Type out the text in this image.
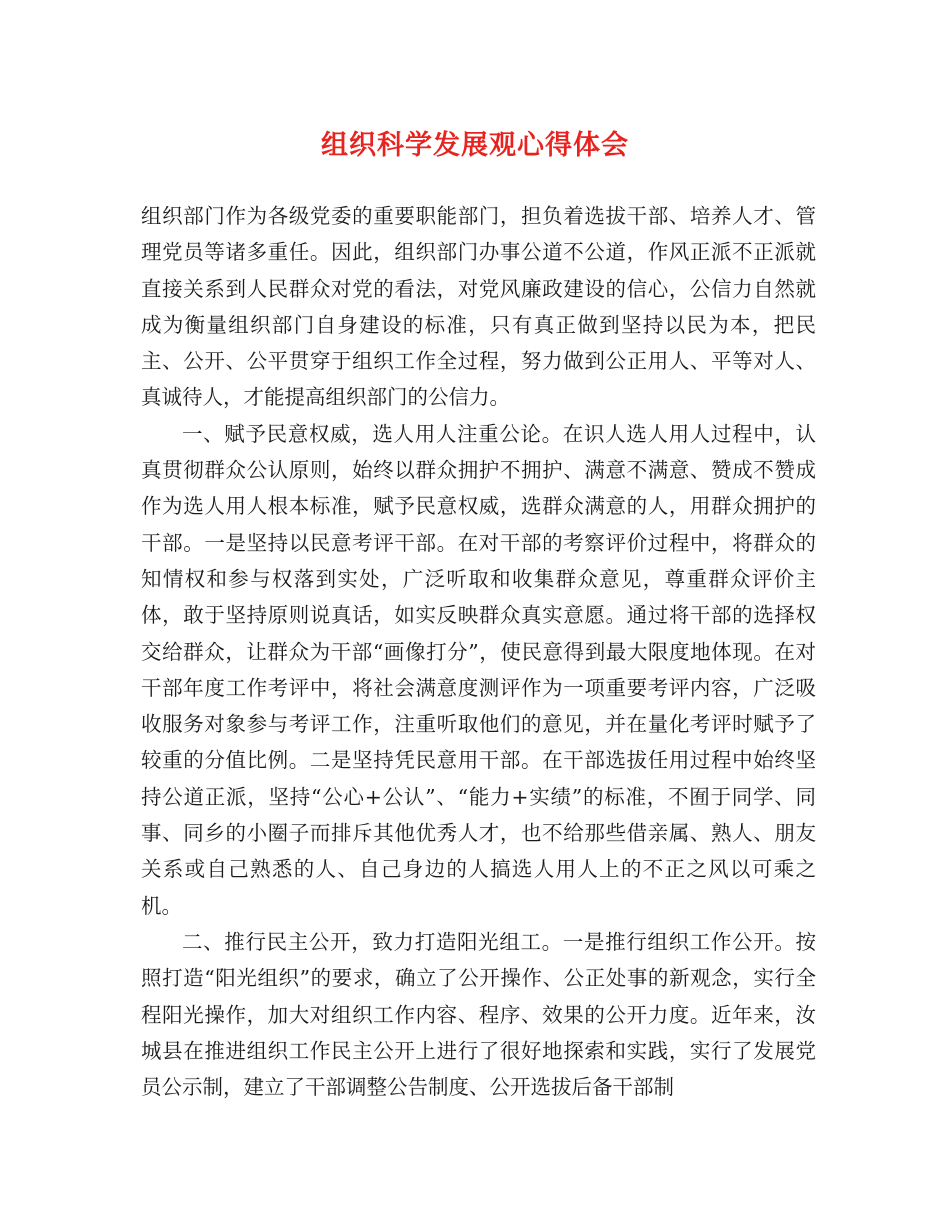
组织科学发展观心得体会

组织部门作为各级党委的重要职能部门，担负着选拔干部、培养人才、管理党员等诸多重任。因此，组织部门办事公道不公道，作风正派不正派就直接关系到人民群众对党的看法，对党风廉政建设的信心，公信力自然就成为衡量组织部门自身建设的标准，只有真正做到坚持以民为本，把民主、公开、公平贯穿于组织工作全过程，努力做到公正用人、平等对人、真诚待人，才能提高组织部门的公信力。

一、赋予民意权威，选人用人注重公论。在识人选人用人过程中，认真贯彻群众公认原则，始终以群众拥护不拥护、满意不满意、赞成不赞成作为选人用人根本标准，赋予民意权威，选群众满意的人，用群众拥护的干部。一是坚持以民意考评干部。在对干部的考察评价过程中，将群众的知情权和参与权落到实处，广泛听取和收集群众意见，尊重群众评价主体，敢于坚持原则说真话，如实反映群众真实意愿。通过将干部的选择权交给群众，让群众为干部“画像打分”，使民意得到最大限度地体现。在对干部年度工作考评中，将社会满意度测评作为一项重要考评内容，广泛吸收服务对象参与考评工作，注重听取他们的意见，并在量化考评时赋予了较重的分值比例。二是坚持凭民意用干部。在干部选拔任用过程中始终坚持公道正派，坚持“公心+公认”、“能力+实绩”的标准，不囿于同学、同事、同乡的小圈子而排斥其他优秀人才，也不给那些借亲属、熟人、朋友关系或自己熟悉的人、自己身边的人搞选人用人上的不正之风以可乘之机。

二、推行民主公开，致力打造阳光组工。一是推行组织工作公开。按照打造“阳光组织”的要求，确立了公开操作、公正处事的新观念，实行全程阳光操作，加大对组织工作内容、程序、效果的公开力度。近年来，汝城县在推进组织工作民主公开上进行了很好地探索和实践，实行了发展党员公示制，建立了干部调整公告制度、公开选拔后备干部制
